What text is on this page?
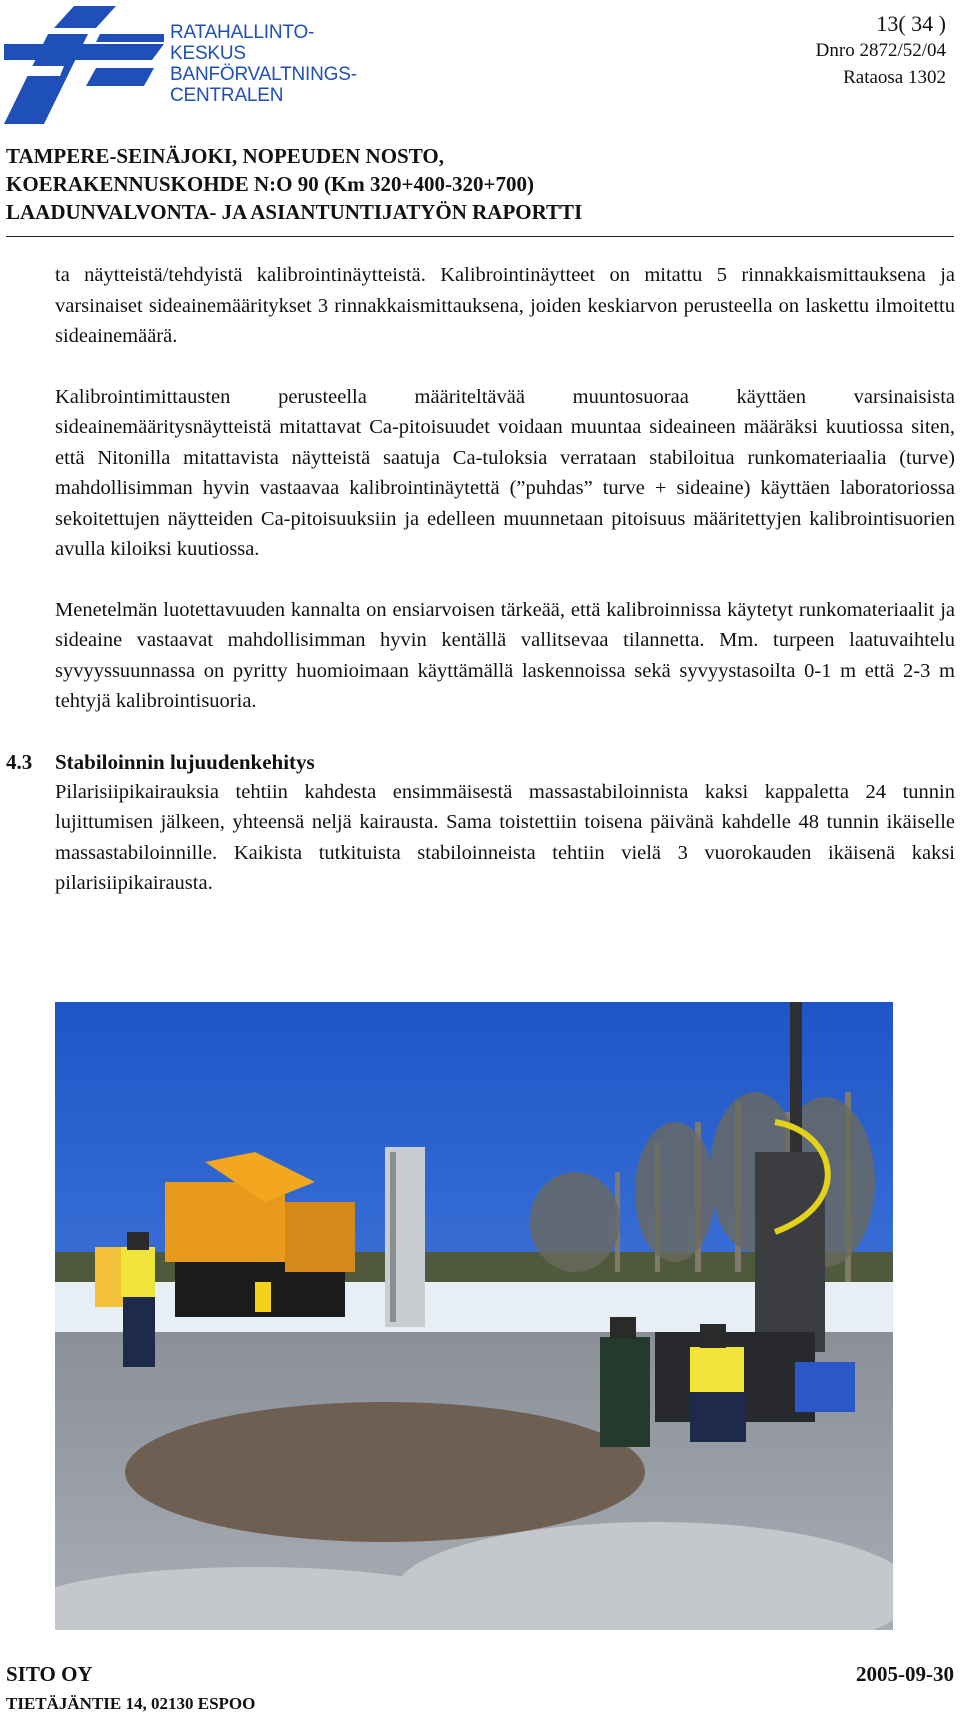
RATAHALLINTO-
KESKUS
BANFÖRVALTNINGS-
CENTRALEN
13( 34 )
Dnro 2872/52/04
Rataosa 1302
TAMPERE-SEINÄJOKI, NOPEUDEN NOSTO,
KOERAKENNUSKOHDE N:O 90 (Km 320+400-320+700)
LAADUNVALVONTA- JA ASIANTUNTIJATYÖN RAPORTTI

ta näytteistä/tehdyistä kalibrointinäytteistä. Kalibrointinäytteet on mitattu 5 rinnakkaismittauksena ja varsinaiset sideainemääritykset 3 rinnakkaismittauksena, joiden keskiarvon perusteella on laskettu ilmoitettu sideainemäärä.

Kalibrointimittausten perusteella määriteltävää muuntosuoraa käyttäen varsinaisista sideainemääritysnäytteistä mitattavat Ca-pitoisuudet voidaan muuntaa sideaineen määräksi kuutiossa siten, että Nitonilla mitattavista näytteistä saatuja Ca-tuloksia verrataan stabiloitua runkomateriaalia (turve) mahdollisimman hyvin vastaavaa kalibrointinäytettä (”puhdas” turve + sideaine) käyttäen laboratoriossa sekoitettujen näytteiden Ca-pitoisuuksiin ja edelleen muunnetaan pitoisuus määritettyjen kalibrointisuorien avulla kiloiksi kuutiossa.

Menetelmän luotettavuuden kannalta on ensiarvoisen tärkeää, että kalibroinnissa käytetyt runkomateriaalit ja sideaine vastaavat mahdollisimman hyvin kentällä vallitsevaa tilannetta. Mm. turpeen laatuvaihtelu syvyyssuunnassa on pyritty huomioimaan käyttämällä laskennoissa sekä syvyystasoilta 0-1 m että 2-3 m tehtyjä kalibrointisuoria.

4.3 Stabiloinnin lujuudenkehitys

Pilarisiipikairauksia tehtiin kahdesta ensimmäisestä massastabiloinnista kaksi kappaletta 24 tunnin lujittumisen jälkeen, yhteensä neljä kairausta. Sama toistettiin toisena päivänä kahdelle 48 tunnin ikäiselle massastabiloinnille. Kaikista tutkituista stabiloinneista tehtiin vielä 3 vuorokauden ikäisenä kaksi pilarisiipikairausta.

SITO OY
TIETÄJÄNTIE 14, 02130 ESPOO
2005-09-30
